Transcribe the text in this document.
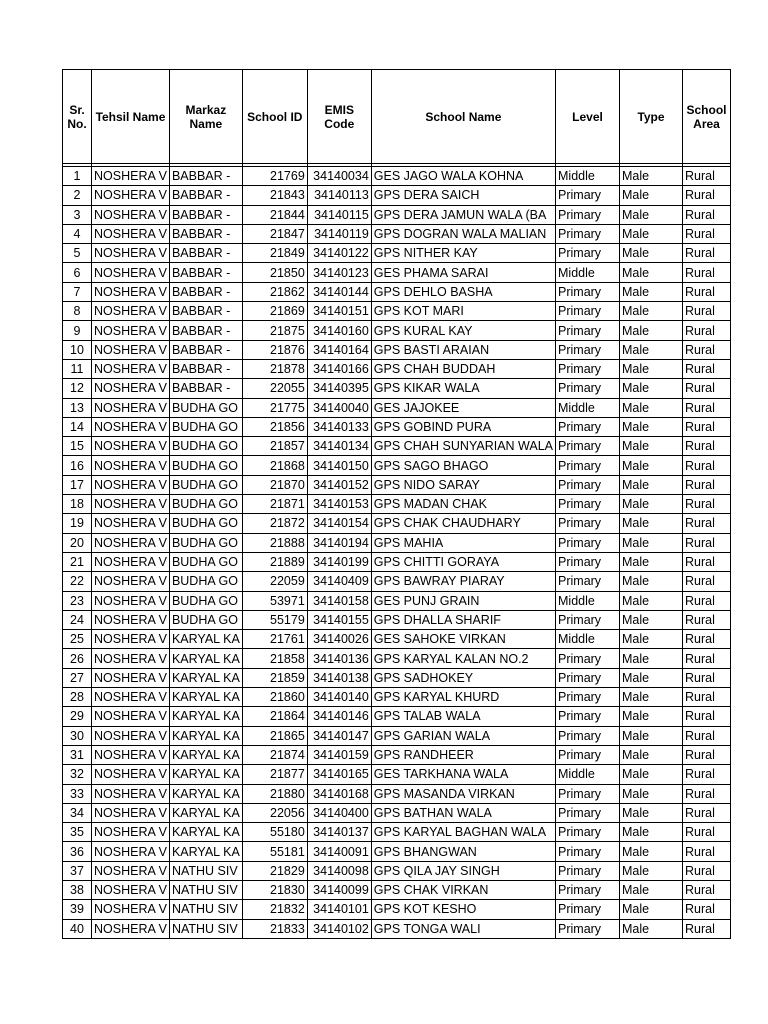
Sr. No.	Tehsil Name	Markaz Name	School ID	EMIS Code	School Name	Level	Type	School Area

1	NOSHERA V	BABBAR -	21769	34140034	GES JAGO WALA KOHNA	Middle	Male	Rural
2	NOSHERA V	BABBAR -	21843	34140113	GPS DERA SAICH	Primary	Male	Rural
3	NOSHERA V	BABBAR -	21844	34140115	GPS DERA JAMUN WALA (BA	Primary	Male	Rural
4	NOSHERA V	BABBAR -	21847	34140119	GPS DOGRAN WALA MALIAN	Primary	Male	Rural
5	NOSHERA V	BABBAR -	21849	34140122	GPS NITHER KAY	Primary	Male	Rural
6	NOSHERA V	BABBAR -	21850	34140123	GES PHAMA SARAI	Middle	Male	Rural
7	NOSHERA V	BABBAR -	21862	34140144	GPS DEHLO BASHA	Primary	Male	Rural
8	NOSHERA V	BABBAR -	21869	34140151	GPS KOT MARI	Primary	Male	Rural
9	NOSHERA V	BABBAR -	21875	34140160	GPS KURAL KAY	Primary	Male	Rural
10	NOSHERA V	BABBAR -	21876	34140164	GPS BASTI ARAIAN	Primary	Male	Rural
11	NOSHERA V	BABBAR -	21878	34140166	GPS CHAH BUDDAH	Primary	Male	Rural
12	NOSHERA V	BABBAR -	22055	34140395	GPS KIKAR WALA	Primary	Male	Rural
13	NOSHERA V	BUDHA GO	21775	34140040	GES JAJOKEE	Middle	Male	Rural
14	NOSHERA V	BUDHA GO	21856	34140133	GPS GOBIND PURA	Primary	Male	Rural
15	NOSHERA V	BUDHA GO	21857	34140134	GPS CHAH SUNYARIAN WALA	Primary	Male	Rural
16	NOSHERA V	BUDHA GO	21868	34140150	GPS SAGO BHAGO	Primary	Male	Rural
17	NOSHERA V	BUDHA GO	21870	34140152	GPS NIDO SARAY	Primary	Male	Rural
18	NOSHERA V	BUDHA GO	21871	34140153	GPS MADAN CHAK	Primary	Male	Rural
19	NOSHERA V	BUDHA GO	21872	34140154	GPS CHAK CHAUDHARY	Primary	Male	Rural
20	NOSHERA V	BUDHA GO	21888	34140194	GPS MAHIA	Primary	Male	Rural
21	NOSHERA V	BUDHA GO	21889	34140199	GPS CHITTI GORAYA	Primary	Male	Rural
22	NOSHERA V	BUDHA GO	22059	34140409	GPS BAWRAY PIARAY	Primary	Male	Rural
23	NOSHERA V	BUDHA GO	53971	34140158	GES PUNJ GRAIN	Middle	Male	Rural
24	NOSHERA V	BUDHA GO	55179	34140155	GPS DHALLA SHARIF	Primary	Male	Rural
25	NOSHERA V	KARYAL KA	21761	34140026	GES SAHOKE VIRKAN	Middle	Male	Rural
26	NOSHERA V	KARYAL KA	21858	34140136	GPS KARYAL KALAN NO.2	Primary	Male	Rural
27	NOSHERA V	KARYAL KA	21859	34140138	GPS SADHOKEY	Primary	Male	Rural
28	NOSHERA V	KARYAL KA	21860	34140140	GPS KARYAL KHURD	Primary	Male	Rural
29	NOSHERA V	KARYAL KA	21864	34140146	GPS TALAB WALA	Primary	Male	Rural
30	NOSHERA V	KARYAL KA	21865	34140147	GPS GARIAN WALA	Primary	Male	Rural
31	NOSHERA V	KARYAL KA	21874	34140159	GPS RANDHEER	Primary	Male	Rural
32	NOSHERA V	KARYAL KA	21877	34140165	GES TARKHANA WALA	Middle	Male	Rural
33	NOSHERA V	KARYAL KA	21880	34140168	GPS MASANDA VIRKAN	Primary	Male	Rural
34	NOSHERA V	KARYAL KA	22056	34140400	GPS BATHAN WALA	Primary	Male	Rural
35	NOSHERA V	KARYAL KA	55180	34140137	GPS KARYAL BAGHAN WALA	Primary	Male	Rural
36	NOSHERA V	KARYAL KA	55181	34140091	GPS BHANGWAN	Primary	Male	Rural
37	NOSHERA V	NATHU SIV	21829	34140098	GPS QILA JAY SINGH	Primary	Male	Rural
38	NOSHERA V	NATHU SIV	21830	34140099	GPS CHAK VIRKAN	Primary	Male	Rural
39	NOSHERA V	NATHU SIV	21832	34140101	GPS KOT KESHO	Primary	Male	Rural
40	NOSHERA V	NATHU SIV	21833	34140102	GPS TONGA WALI	Primary	Male	Rural
